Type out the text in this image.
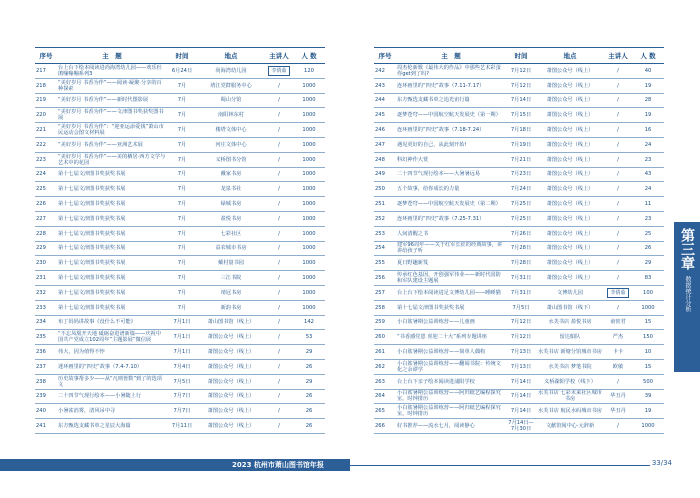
序号	主　题	时间	地点	主讲人	人 数
217	台上台下绘本阅读进尚海湾幼儿园——欢乐杜鹃嘣嘣嘣系列3	6月24日	尚海湾幼儿园	李倩茹	120
218	“美好岁月 书香为伴”——阅读·凝聚·分享的百种探索	7月	靖江党群服务中心	/	1000
219	“美好岁月 书香为伴”——新时代图影展	7月	蜀山分馆	/	1000
220	“美好岁月 书香为伴”——文津图书奖获奖图书展	7月	南阳林东村	/	1000
221	“美好岁月 书香为伴”：“迎亚运添爱钱”萧山市民运动会图文材料展	7月	楼塔文体中心	/	1000
222	“美好岁月 书香为伴”——亚洲艺术展	7月	河庄文体中心	/	1000
223	“美好岁月 书香为伴”——美的栖居·西方文学与艺术中的花园	7月	义桥图书分馆	/	1000
224	第十七届文津图书奖获奖书展	7月	戴家书房	/	1000
225	第十七届文津图书奖获奖书展	7月	龙泉书社	/	1000
226	第十七届文津图书奖获奖书展	7月	绿城书房	/	1000
227	第十七届文津图书奖获奖书展	7月	盈悦书房	/	1000
228	第十七届文津图书奖获奖书展	7月	七彩社区	/	1000
229	第十七届文津图书奖获奖书展	7月	益农城市书房	/	1000
230	第十七届文津图书奖获奖书展	7月	戴村量书园	/	1000
231	第十七届文津图书奖获奖书展	7月	三江书院	/	1000
232	第十七届文津图书奖获奖书展	7月	靖冠书房	/	1000
233	第十七届文津图书奖获奖书展	7月	新韵书房	/	1000
234	布丁妈妈讲故事《没什么不可能》	7月1日	萧山图书馆（线上）	/	142
235	“不忘凤凰开天地 砥砺奋进谱新篇——庆祝中国共产党成立102周年”主题影展”微信展	7月1日	萧图公众号（线上）	/	53
236	伟大，因为值得不悖	7月1日	萧图公众号（线上）	/	29
237	迷环画里的“四史”故事（7.4-7.10）	7月4日	萧图公众号（线上）	/	26
238	历史故事帮多少——从“凡则皆数”到了的选项文	7月5日	萧图公众号（线上）	/	29
239	二十四节气现行绘本——小暑随上行	7月7日	萧图公众号（线上）	/	26
240	小暑雀消雾，清风吊中寻	7月7日	萧图公众号（线上）	/	26
241	东方甄选支藏书单之星辰大海篇	7月11日	萧图公众号（线上）	/	26
2023 杭州市萧山图书馆年报
序号	主　题	时间	地点	主讲人	人 数
242	周杰伦新歌《最伟大的作品》中那些艺术彩蛋你get到了吗?	7月12日	萧图公众号（线上）	/	40
243	连环画里的“四史”故事（7.11-7.17）	7月12日	萧图公众号（线上）	/	19
244	东方甄选支藏书单之追光宙行篇	7月14日	萧图公众号（线上）	/	28
245	逐梦苍穹——中国航空航天发展史（第一期）	7月15日	萧图公众号（线上）	/	19
246	连环画里的“四史”故事（7.18-7.24）	7月18日	萧图公众号（线上）	/	16
247	遇见更好的自己，从此刻开始!	7月19日	萧图公众号（线上）	/	24
248	科幻神作大赏	7月21日	萧图公众号（线上）	/	23
249	二十四节气现行绘本——大暑暑远易	7月23日	萧图公众号（线上）	/	43
250	五个故事，给你成长的力量	7月24日	萧图公众号（线上）	/	24
251	逐梦苍穹——中国航空航天发展史（第二期）	7月25日	萧图公众号（线上）	/	11
252	连环画里的“四史”故事（7.25-7.31）	7月25日	萧图公众号（线上）	/	23
253	人间清醒之书	7月26日	萧图公众号（线上）	/	25
254	建军96周年——关于红军长征的经典故事，讲讲给孩子听	7月28日	萧图公众号（线上）	/	26
255	夏日野趣新笈	7月28日	萧图公众号（线上）	/	29
256	传承红色基因，开创强军伟业——新时代国防和军队建设主题展	7月31日	萧图公众号（线上）	/	83
257	台上台下绘本阅读进足文博幼儿园——睡睡猫	7月31日	文博幼儿园	李倩茹	100
258	第十七届文津图书奖获奖书展	7月5日	萧山图书馆（线下）	/	1000
259	小白鲨暑期公益训练营——儿童画	7月12日	水芙书店 盈悦书房	俞密君	15
260	“书香感党恩 喜迎二十大”系列专题讲座	7月12日	留达船队	严杰	150
261	小白鲨暑期公益训练营——简单人偶构	7月13日	水芙书店 新塘分馆城市书房	卡卡	10
262	小白鲨暑期公益训练营——翻阅书院：传统文化之余谭学	7月13日	水芙书店 梦笔书院	欧敏	15
263	台上台下亲子绘本阅读进浦阳学校	7月14日	义桥湖阳学校（线下）	/	500
264	小白鲨暑期公益训练营——阿归纸艺编程探究室。时钟排历	7月14日	水芙书店 七彩未来社区城市书房	华丑丹	39
265	小白鲨暑期公益训练营——阿归纸艺编程探究室。时钟排历	7月14日	水芙书店 航民水码城市书房	华丑丹	19
266	好书推荐——流水七月，阅读静心	7月14日—7月30日	文献馆阅中心·元辞新	/	1000
33/34
第三章
数据统计分析
